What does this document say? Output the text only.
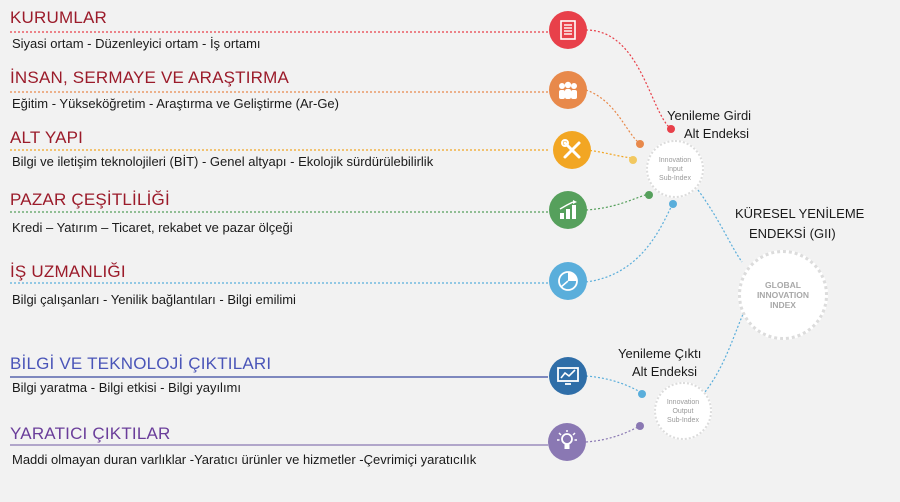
KURUMLAR
Siyasi ortam - Düzenleyici ortam - İş ortamı
İNSAN, SERMAYE VE ARAŞTIRMA
Eğitim - Yükseköğretim - Araştırma ve Geliştirme (Ar-Ge)
ALT YAPI
Bilgi ve iletişim teknolojileri (BİT) - Genel altyapı - Ekolojik sürdürülebilirlik
PAZAR ÇEŞİTLİLİĞİ
Kredi – Yatırım – Ticaret, rekabet ve pazar ölçeği
İŞ UZMANLIĞI
Bilgi çalışanları - Yenilik bağlantıları - Bilgi emilimi
BİLGİ VE TEKNOLOJİ ÇIKTILARI
Bilgi yaratma - Bilgi etkisi - Bilgi yayılımı
YARATICI ÇIKTILAR
Maddi olmayan duran varlıklar -Yaratıcı ürünler ve hizmetler -Çevrimiçi yaratıcılık
Yenileme Girdi
Alt Endeksi
Innovation
Input
Sub-Index
Yenileme Çıktı
Alt Endeksi
Innovation
Output
Sub-Index
KÜRESEL YENİLEME
ENDEKSİ (GII)
GLOBAL
INNOVATION
INDEX
